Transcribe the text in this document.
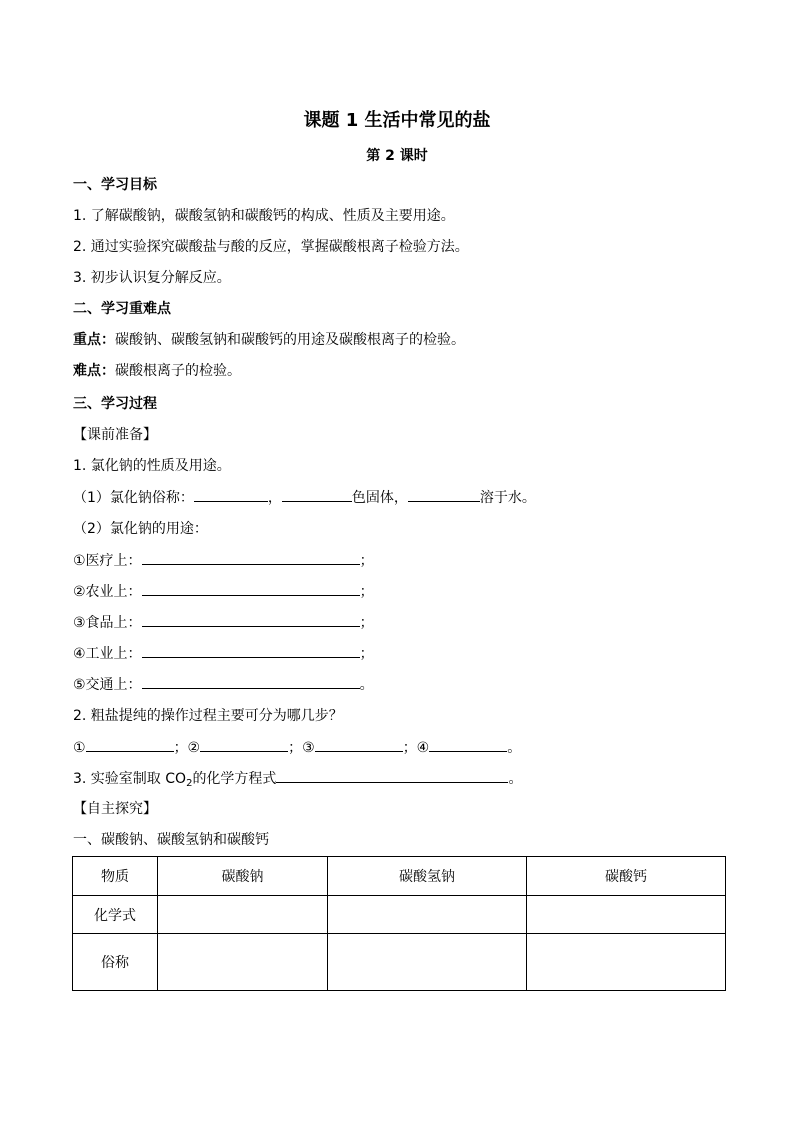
课题 1 生活中常见的盐
第 2 课时
一、学习目标
1. 了解碳酸钠，碳酸氢钠和碳酸钙的构成、性质及主要用途。
2. 通过实验探究碳酸盐与酸的反应，掌握碳酸根离子检验方法。
3. 初步认识复分解反应。
二、学习重难点
重点：碳酸钠、碳酸氢钠和碳酸钙的用途及碳酸根离子的检验。
难点：碳酸根离子的检验。
三、学习过程
【课前准备】
1. 氯化钠的性质及用途。
（1）氯化钠俗称：	，	色固体，	溶于水。
（2）氯化钠的用途：
①医疗上：	；
②农业上：	；
③食品上：	；
④工业上：	；
⑤交通上：	。
2. 粗盐提纯的操作过程主要可分为哪几步？
①	；②	；③	；④	。
3. 实验室制取 $CO_2$的化学方程式	。
【自主探究】
一、碳酸钠、碳酸氢钠和碳酸钙
物质	碳酸钠	碳酸氢钠	碳酸钙
化学式			
俗称			
